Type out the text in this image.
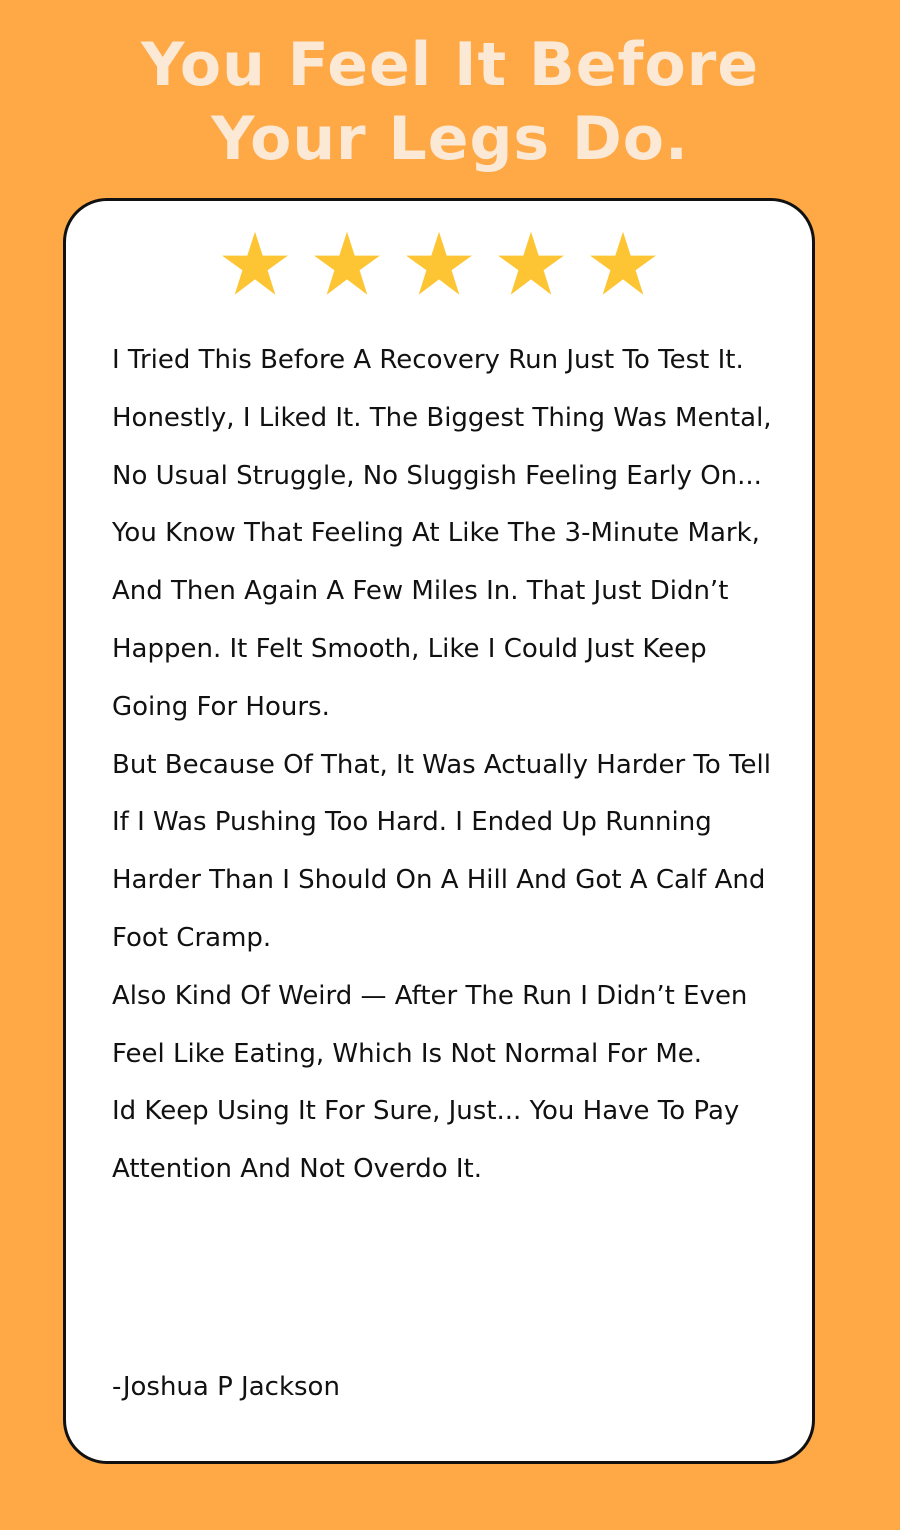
You Feel It Before
Your Legs Do.

I Tried This Before A Recovery Run Just To Test It.

Honestly, I Liked It. The Biggest Thing Was Mental, No Usual Struggle, No Sluggish Feeling Early On... You Know That Feeling At Like The 3-Minute Mark, And Then Again A Few Miles In. That Just Didn’t Happen. It Felt Smooth, Like I Could Just Keep Going For Hours.

But Because Of That, It Was Actually Harder To Tell If I Was Pushing Too Hard. I Ended Up Running Harder Than I Should On A Hill And Got A Calf And Foot Cramp.

Also Kind Of Weird — After The Run I Didn’t Even Feel Like Eating, Which Is Not Normal For Me.

Id Keep Using It For Sure, Just... You Have To Pay Attention And Not Overdo It.

-Joshua P Jackson
